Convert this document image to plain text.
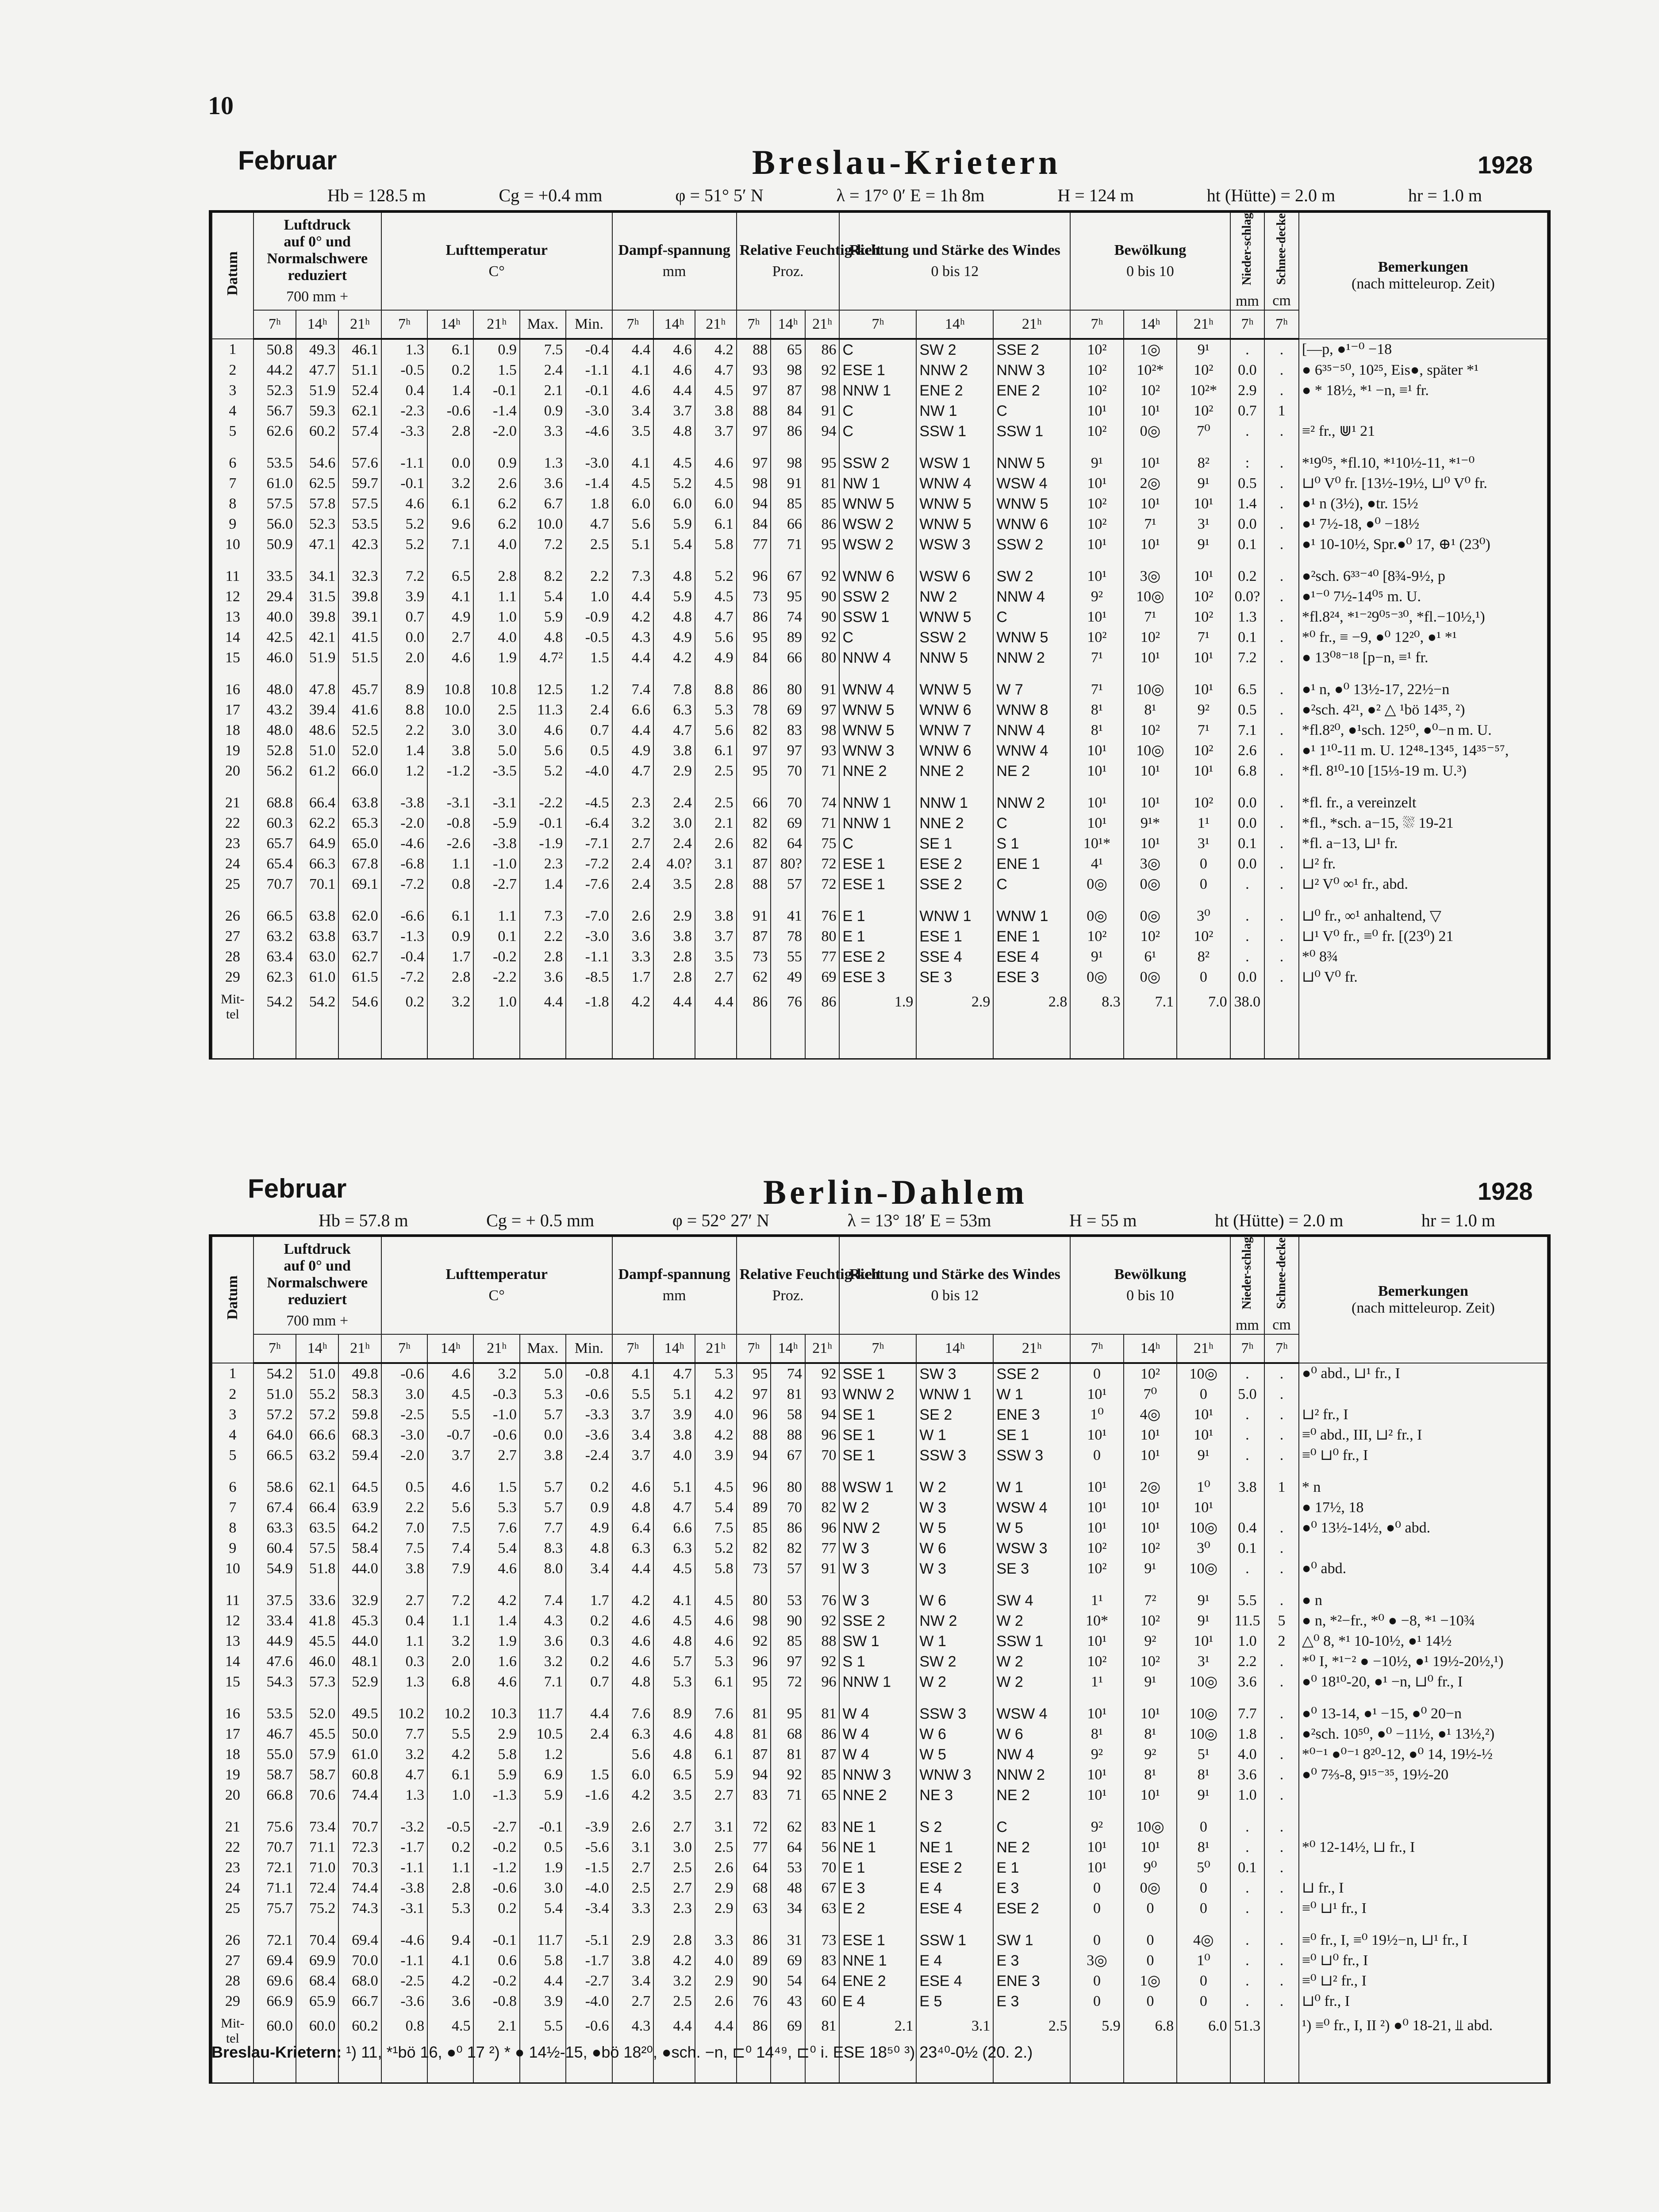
10
Februar	Breslau-Krietern	1928
Hb = 128.5 m	Cg = +0.4 mm	φ = 51° 5′ N	λ = 17° 0′ E = 1h 8m	H = 124 m	ht (Hütte) = 2.0 m	hr = 1.0 m
Datum	Luftdruck
auf 0° und
Normalschwere
reduziert
700 mm +			Lufttemperatur
C°					Dampf-spannung
mm			Relative Feuchtig-keit
Proz.			Richtung und Stärke des Windes
0 bis 12			Bewölkung
0 bis 10			Nieder-schlag
mm	Schnee-decke
cm	Bemerkungen
(nach mitteleurop. Zeit)

	7ʰ	14ʰ	21ʰ	7ʰ	14ʰ	21ʰ	Max.	Min.	7ʰ	14ʰ	21ʰ	7ʰ	14ʰ	21ʰ	7ʰ	14ʰ	21ʰ	7ʰ	14ʰ	21ʰ	7ʰ	7ʰ	
1	50.8	49.3	46.1	1.3	6.1	0.9	7.5	-0.4	4.4	4.6	4.2	88	65	86	C	SW 2	SSE 2	10²	1◎	9¹	.	.	[—p, ●¹⁻⁰ −18
2	44.2	47.7	51.1	-0.5	0.2	1.5	2.4	-1.1	4.1	4.6	4.7	93	98	92	ESE 1	NNW 2	NNW 3	10²	10²*	10²	0.0	.	● 6³⁵⁻⁵⁰, 10²⁵, Eis●, später *¹
3	52.3	51.9	52.4	0.4	1.4	-0.1	2.1	-0.1	4.6	4.4	4.5	97	87	98	NNW 1	ENE 2	ENE 2	10²	10²	10²*	2.9	.	● * 18½, *¹ −n, ≡¹ fr.
4	56.7	59.3	62.1	-2.3	-0.6	-1.4	0.9	-3.0	3.4	3.7	3.8	88	84	91	C	NW 1	C	10¹	10¹	10²	0.7	1	
5	62.6	60.2	57.4	-3.3	2.8	-2.0	3.3	-4.6	3.5	4.8	3.7	97	86	94	C	SSW 1	SSW 1	10²	0◎	7⁰	.	.	≡² fr., ⋓¹ 21

6	53.5	54.6	57.6	-1.1	0.0	0.9	1.3	-3.0	4.1	4.5	4.6	97	98	95	SSW 2	WSW 1	NNW 5	9¹	10¹	8²	:	.	*¹9⁰⁵, *fl.10, *¹10½-11, *¹⁻⁰
7	61.0	62.5	59.7	-0.1	3.2	2.6	3.6	-1.4	4.5	5.2	4.5	98	91	81	NW 1	WNW 4	WSW 4	10¹	2◎	9¹	0.5	.	⊔⁰ V⁰ fr. [13½-19½, ⊔⁰ V⁰ fr.
8	57.5	57.8	57.5	4.6	6.1	6.2	6.7	1.8	6.0	6.0	6.0	94	85	85	WNW 5	WNW 5	WNW 5	10²	10¹	10¹	1.4	.	●¹ n (3½), ●tr. 15½
9	56.0	52.3	53.5	5.2	9.6	6.2	10.0	4.7	5.6	5.9	6.1	84	66	86	WSW 2	WNW 5	WNW 6	10²	7¹	3¹	0.0	.	●¹ 7½-18, ●⁰ −18½
10	50.9	47.1	42.3	5.2	7.1	4.0	7.2	2.5	5.1	5.4	5.8	77	71	95	WSW 2	WSW 3	SSW 2	10¹	10¹	9¹	0.1	.	●¹ 10-10½, Spr.●⁰ 17, ⊕¹ (23⁰)

11	33.5	34.1	32.3	7.2	6.5	2.8	8.2	2.2	7.3	4.8	5.2	96	67	92	WNW 6	WSW 6	SW 2	10¹	3◎	10¹	0.2	.	●²sch. 6³³⁻⁴⁰ [8¾-9½, p
12	29.4	31.5	39.8	3.9	4.1	1.1	5.4	1.0	4.4	5.9	4.5	73	95	90	SSW 2	NW 2	NNW 4	9²	10◎	10²	0.0?	.	●¹⁻⁰ 7½-14⁰⁵ m. U.
13	40.0	39.8	39.1	0.7	4.9	1.0	5.9	-0.9	4.2	4.8	4.7	86	74	90	SSW 1	WNW 5	C	10¹	7¹	10²	1.3	.	*fl.8²⁴, *¹⁻²9⁰⁵⁻³⁰, *fl.−10½,¹)
14	42.5	42.1	41.5	0.0	2.7	4.0	4.8	-0.5	4.3	4.9	5.6	95	89	92	C	SSW 2	WNW 5	10²	10²	7¹	0.1	.	*⁰ fr., ≡ −9, ●⁰ 12²⁰, ●¹ *¹
15	46.0	51.9	51.5	2.0	4.6	1.9	4.7²	1.5	4.4	4.2	4.9	84	66	80	NNW 4	NNW 5	NNW 2	7¹	10¹	10¹	7.2	.	● 13⁰⁸⁻¹⁸ [p−n, ≡¹ fr.

16	48.0	47.8	45.7	8.9	10.8	10.8	12.5	1.2	7.4	7.8	8.8	86	80	91	WNW 4	WNW 5	W 7	7¹	10◎	10¹	6.5	.	●¹ n, ●⁰ 13½-17, 22½−n
17	43.2	39.4	41.6	8.8	10.0	2.5	11.3	2.4	6.6	6.3	5.3	78	69	97	WNW 5	WNW 6	WNW 8	8¹	8¹	9²	0.5	.	●²sch. 4²¹, ●² △ ¹bö 14³⁵, ²)
18	48.0	48.6	52.5	2.2	3.0	3.0	4.6	0.7	4.4	4.7	5.6	82	83	98	WNW 5	WNW 7	NNW 4	8¹	10²	7¹	7.1	.	*fl.8²⁰, ●¹sch. 12⁵⁰, ●⁰−n m. U.
19	52.8	51.0	52.0	1.4	3.8	5.0	5.6	0.5	4.9	3.8	6.1	97	97	93	WNW 3	WNW 6	WNW 4	10¹	10◎	10²	2.6	.	●¹ 1¹⁰-11 m. U. 12⁴⁸-13⁴⁵, 14³⁵⁻⁵⁷,
20	56.2	61.2	66.0	1.2	-1.2	-3.5	5.2	-4.0	4.7	2.9	2.5	95	70	71	NNE 2	NNE 2	NE 2	10¹	10¹	10¹	6.8	.	*fl. 8¹⁰-10 [15⅓-19 m. U.³)

21	68.8	66.4	63.8	-3.8	-3.1	-3.1	-2.2	-4.5	2.3	2.4	2.5	66	70	74	NNW 1	NNW 1	NNW 2	10¹	10¹	10²	0.0	.	*fl. fr., a vereinzelt
22	60.3	62.2	65.3	-2.0	-0.8	-5.9	-0.1	-6.4	3.2	3.0	2.1	82	69	71	NNW 1	NNE 2	C	10¹	9¹*	1¹	0.0	.	*fl., *sch. a−15, ⛆ 19-21
23	65.7	64.9	65.0	-4.6	-2.6	-3.8	-1.9	-7.1	2.7	2.4	2.6	82	64	75	C	SE 1	S 1	10¹*	10¹	3¹	0.1	.	*fl. a−13, ⊔¹ fr.
24	65.4	66.3	67.8	-6.8	1.1	-1.0	2.3	-7.2	2.4	4.0?	3.1	87	80?	72	ESE 1	ESE 2	ENE 1	4¹	3◎	0	0.0	.	⊔² fr.
25	70.7	70.1	69.1	-7.2	0.8	-2.7	1.4	-7.6	2.4	3.5	2.8	88	57	72	ESE 1	SSE 2	C	0◎	0◎	0	.	.	⊔² V⁰ ∞¹ fr., abd.

26	66.5	63.8	62.0	-6.6	6.1	1.1	7.3	-7.0	2.6	2.9	3.8	91	41	76	E 1	WNW 1	WNW 1	0◎	0◎	3⁰	.	.	⊔⁰ fr., ∞¹ anhaltend, ▽
27	63.2	63.8	63.7	-1.3	0.9	0.1	2.2	-3.0	3.6	3.8	3.7	87	78	80	E 1	ESE 1	ENE 1	10²	10²	10²	.	.	⊔¹ V⁰ fr., ≡⁰ fr. [(23⁰) 21
28	63.4	63.0	62.7	-0.4	1.7	-0.2	2.8	-1.1	3.3	2.8	3.5	73	55	77	ESE 2	SSE 4	ESE 4	9¹	6¹	8²	.	.	*⁰ 8¾
29	62.3	61.0	61.5	-7.2	2.8	-2.2	3.6	-8.5	1.7	2.8	2.7	62	49	69	ESE 3	SE 3	ESE 3	0◎	0◎	0	0.0	.	⊔⁰ V⁰ fr.
Mit-tel	54.2	54.2	54.6	0.2	3.2	1.0	4.4	-1.8	4.2	4.4	4.4	86	76	86	1.9	2.9	2.8	8.3	7.1	7.0	38.0		
Februar	Berlin-Dahlem	1928
Hb = 57.8 m	Cg = + 0.5 mm	φ = 52° 27′ N	λ = 13° 18′ E = 53m	H = 55 m	ht (Hütte) = 2.0 m	hr = 1.0 m
Datum	Luftdruck
auf 0° und
Normalschwere
reduziert
700 mm +			Lufttemperatur
C°					Dampf-spannung
mm			Relative Feuchtig-keit
Proz.			Richtung und Stärke des Windes
0 bis 12			Bewölkung
0 bis 10			Nieder-schlag
mm	Schnee-decke
cm	Bemerkungen
(nach mitteleurop. Zeit)

	7ʰ	14ʰ	21ʰ	7ʰ	14ʰ	21ʰ	Max.	Min.	7ʰ	14ʰ	21ʰ	7ʰ	14ʰ	21ʰ	7ʰ	14ʰ	21ʰ	7ʰ	14ʰ	21ʰ	7ʰ	7ʰ	
1	54.2	51.0	49.8	-0.6	4.6	3.2	5.0	-0.8	4.1	4.7	5.3	95	74	92	SSE 1	SW 3	SSE 2	0	10²	10◎	.	.	●⁰ abd., ⊔¹ fr., I
2	51.0	55.2	58.3	3.0	4.5	-0.3	5.3	-0.6	5.5	5.1	4.2	97	81	93	WNW 2	WNW 1	W 1	10¹	7⁰	0	5.0	.	
3	57.2	57.2	59.8	-2.5	5.5	-1.0	5.7	-3.3	3.7	3.9	4.0	96	58	94	SE 1	SE 2	ENE 3	1⁰	4◎	10¹	.	.	⊔² fr., I
4	64.0	66.6	68.3	-3.0	-0.7	-0.6	0.0	-3.6	3.4	3.8	4.2	88	88	96	SE 1	W 1	SE 1	10¹	10¹	10¹	.	.	≡⁰ abd., III, ⊔² fr., I
5	66.5	63.2	59.4	-2.0	3.7	2.7	3.8	-2.4	3.7	4.0	3.9	94	67	70	SE 1	SSW 3	SSW 3	0	10¹	9¹	.	.	≡⁰ ⊔⁰ fr., I

6	58.6	62.1	64.5	0.5	4.6	1.5	5.7	0.2	4.6	5.1	4.5	96	80	88	WSW 1	W 2	W 1	10¹	2◎	1⁰	3.8	1	* n
7	67.4	66.4	63.9	2.2	5.6	5.3	5.7	0.9	4.8	4.7	5.4	89	70	82	W 2	W 3	WSW 4	10¹	10¹	10¹			● 17½, 18
8	63.3	63.5	64.2	7.0	7.5	7.6	7.7	4.9	6.4	6.6	7.5	85	86	96	NW 2	W 5	W 5	10¹	10¹	10◎	0.4	.	●⁰ 13½-14½, ●⁰ abd.
9	60.4	57.5	58.4	7.5	7.4	5.4	8.3	4.8	6.3	6.3	5.2	82	82	77	W 3	W 6	WSW 3	10²	10²	3⁰	0.1	.	
10	54.9	51.8	44.0	3.8	7.9	4.6	8.0	3.4	4.4	4.5	5.8	73	57	91	W 3	W 3	SE 3	10²	9¹	10◎	.	.	●⁰ abd.

11	37.5	33.6	32.9	2.7	7.2	4.2	7.4	1.7	4.2	4.1	4.5	80	53	76	W 3	W 6	SW 4	1¹	7²	9¹	5.5	.	● n
12	33.4	41.8	45.3	0.4	1.1	1.4	4.3	0.2	4.6	4.5	4.6	98	90	92	SSE 2	NW 2	W 2	10*	10²	9¹	11.5	5	● n, *²−fr., *⁰ ● −8, *¹ −10¾
13	44.9	45.5	44.0	1.1	3.2	1.9	3.6	0.3	4.6	4.8	4.6	92	85	88	SW 1	W 1	SSW 1	10¹	9²	10¹	1.0	2	△⁰ 8, *¹ 10-10½, ●¹ 14½
14	47.6	46.0	48.1	0.3	2.0	1.6	3.2	0.2	4.6	5.7	5.3	96	97	92	S 1	SW 2	W 2	10²	10²	3¹	2.2	.	*⁰ I, *¹⁻² ● −10½, ●¹ 19½-20½,¹)
15	54.3	57.3	52.9	1.3	6.8	4.6	7.1	0.7	4.8	5.3	6.1	95	72	96	NNW 1	W 2	W 2	1¹	9¹	10◎	3.6	.	●⁰ 18¹⁰-20, ●¹ −n, ⊔⁰ fr., I

16	53.5	52.0	49.5	10.2	10.2	10.3	11.7	4.4	7.6	8.9	7.6	81	95	81	W 4	SSW 3	WSW 4	10¹	10¹	10◎	7.7	.	●⁰ 13-14, ●¹ −15, ●⁰ 20−n
17	46.7	45.5	50.0	7.7	5.5	2.9	10.5	2.4	6.3	4.6	4.8	81	68	86	W 4	W 6	W 6	8¹	8¹	10◎	1.8	.	●²sch. 10⁵⁰, ●⁰ −11½, ●¹ 13½,²)
18	55.0	57.9	61.0	3.2	4.2	5.8	1.2		5.6	4.8	6.1	87	81	87	W 4	W 5	NW 4	9²	9²	5¹	4.0	.	*⁰⁻¹ ●⁰⁻¹ 8²⁰-12, ●⁰ 14, 19½-½
19	58.7	58.7	60.8	4.7	6.1	5.9	6.9	1.5	6.0	6.5	5.9	94	92	85	NNW 3	WNW 3	NNW 2	10¹	8¹	8¹	3.6	.	●⁰ 7⅔-8, 9¹⁵⁻³⁵, 19½-20
20	66.8	70.6	74.4	1.3	1.0	-1.3	5.9	-1.6	4.2	3.5	2.7	83	71	65	NNE 2	NE 3	NE 2	10¹	10¹	9¹	1.0	.	

21	75.6	73.4	70.7	-3.2	-0.5	-2.7	-0.1	-3.9	2.6	2.7	3.1	72	62	83	NE 1	S 2	C	9²	10◎	0	.	.	
22	70.7	71.1	72.3	-1.7	0.2	-0.2	0.5	-5.6	3.1	3.0	2.5	77	64	56	NE 1	NE 1	NE 2	10¹	10¹	8¹	.	.	*⁰ 12-14½, ⊔ fr., I
23	72.1	71.0	70.3	-1.1	1.1	-1.2	1.9	-1.5	2.7	2.5	2.6	64	53	70	E 1	ESE 2	E 1	10¹	9⁰	5⁰	0.1	.	
24	71.1	72.4	74.4	-3.8	2.8	-0.6	3.0	-4.0	2.5	2.7	2.9	68	48	67	E 3	E 4	E 3	0	0◎	0	.	.	⊔ fr., I
25	75.7	75.2	74.3	-3.1	5.3	0.2	5.4	-3.4	3.3	2.3	2.9	63	34	63	E 2	ESE 4	ESE 2	0	0	0	.	.	≡⁰ ⊔¹ fr., I

26	72.1	70.4	69.4	-4.6	9.4	-0.1	11.7	-5.1	2.9	2.8	3.3	86	31	73	ESE 1	SSW 1	SW 1	0	0	4◎	.	.	≡⁰ fr., I, ≡⁰ 19½−n, ⊔¹ fr., I
27	69.4	69.9	70.0	-1.1	4.1	0.6	5.8	-1.7	3.8	4.2	4.0	89	69	83	NNE 1	E 4	E 3	3◎	0	1⁰	.	.	≡⁰ ⊔⁰ fr., I
28	69.6	68.4	68.0	-2.5	4.2	-0.2	4.4	-2.7	3.4	3.2	2.9	90	54	64	ENE 2	ESE 4	ENE 3	0	1◎	0	.	.	≡⁰ ⊔² fr., I
29	66.9	65.9	66.7	-3.6	3.6	-0.8	3.9	-4.0	2.7	2.5	2.6	76	43	60	E 4	E 5	E 3	0	0	0	.	.	⊔⁰ fr., I
Mit-tel	60.0	60.0	60.2	0.8	4.5	2.1	5.5	-0.6	4.3	4.4	4.4	86	69	81	2.1	3.1	2.5	5.9	6.8	6.0	51.3		¹) ≡⁰ fr., I, II ²) ●⁰ 18-21, ⫫ abd.
Breslau-Krietern: ¹) 11, *¹bö 16, ●⁰ 17 ²) * ● 14½-15, ●bö 18²⁰, ●sch. −n, ⊏⁰ 14⁴⁹, ⊏⁰ i. ESE 18⁵⁰ ³) 23⁴⁰-0½ (20. 2.)
